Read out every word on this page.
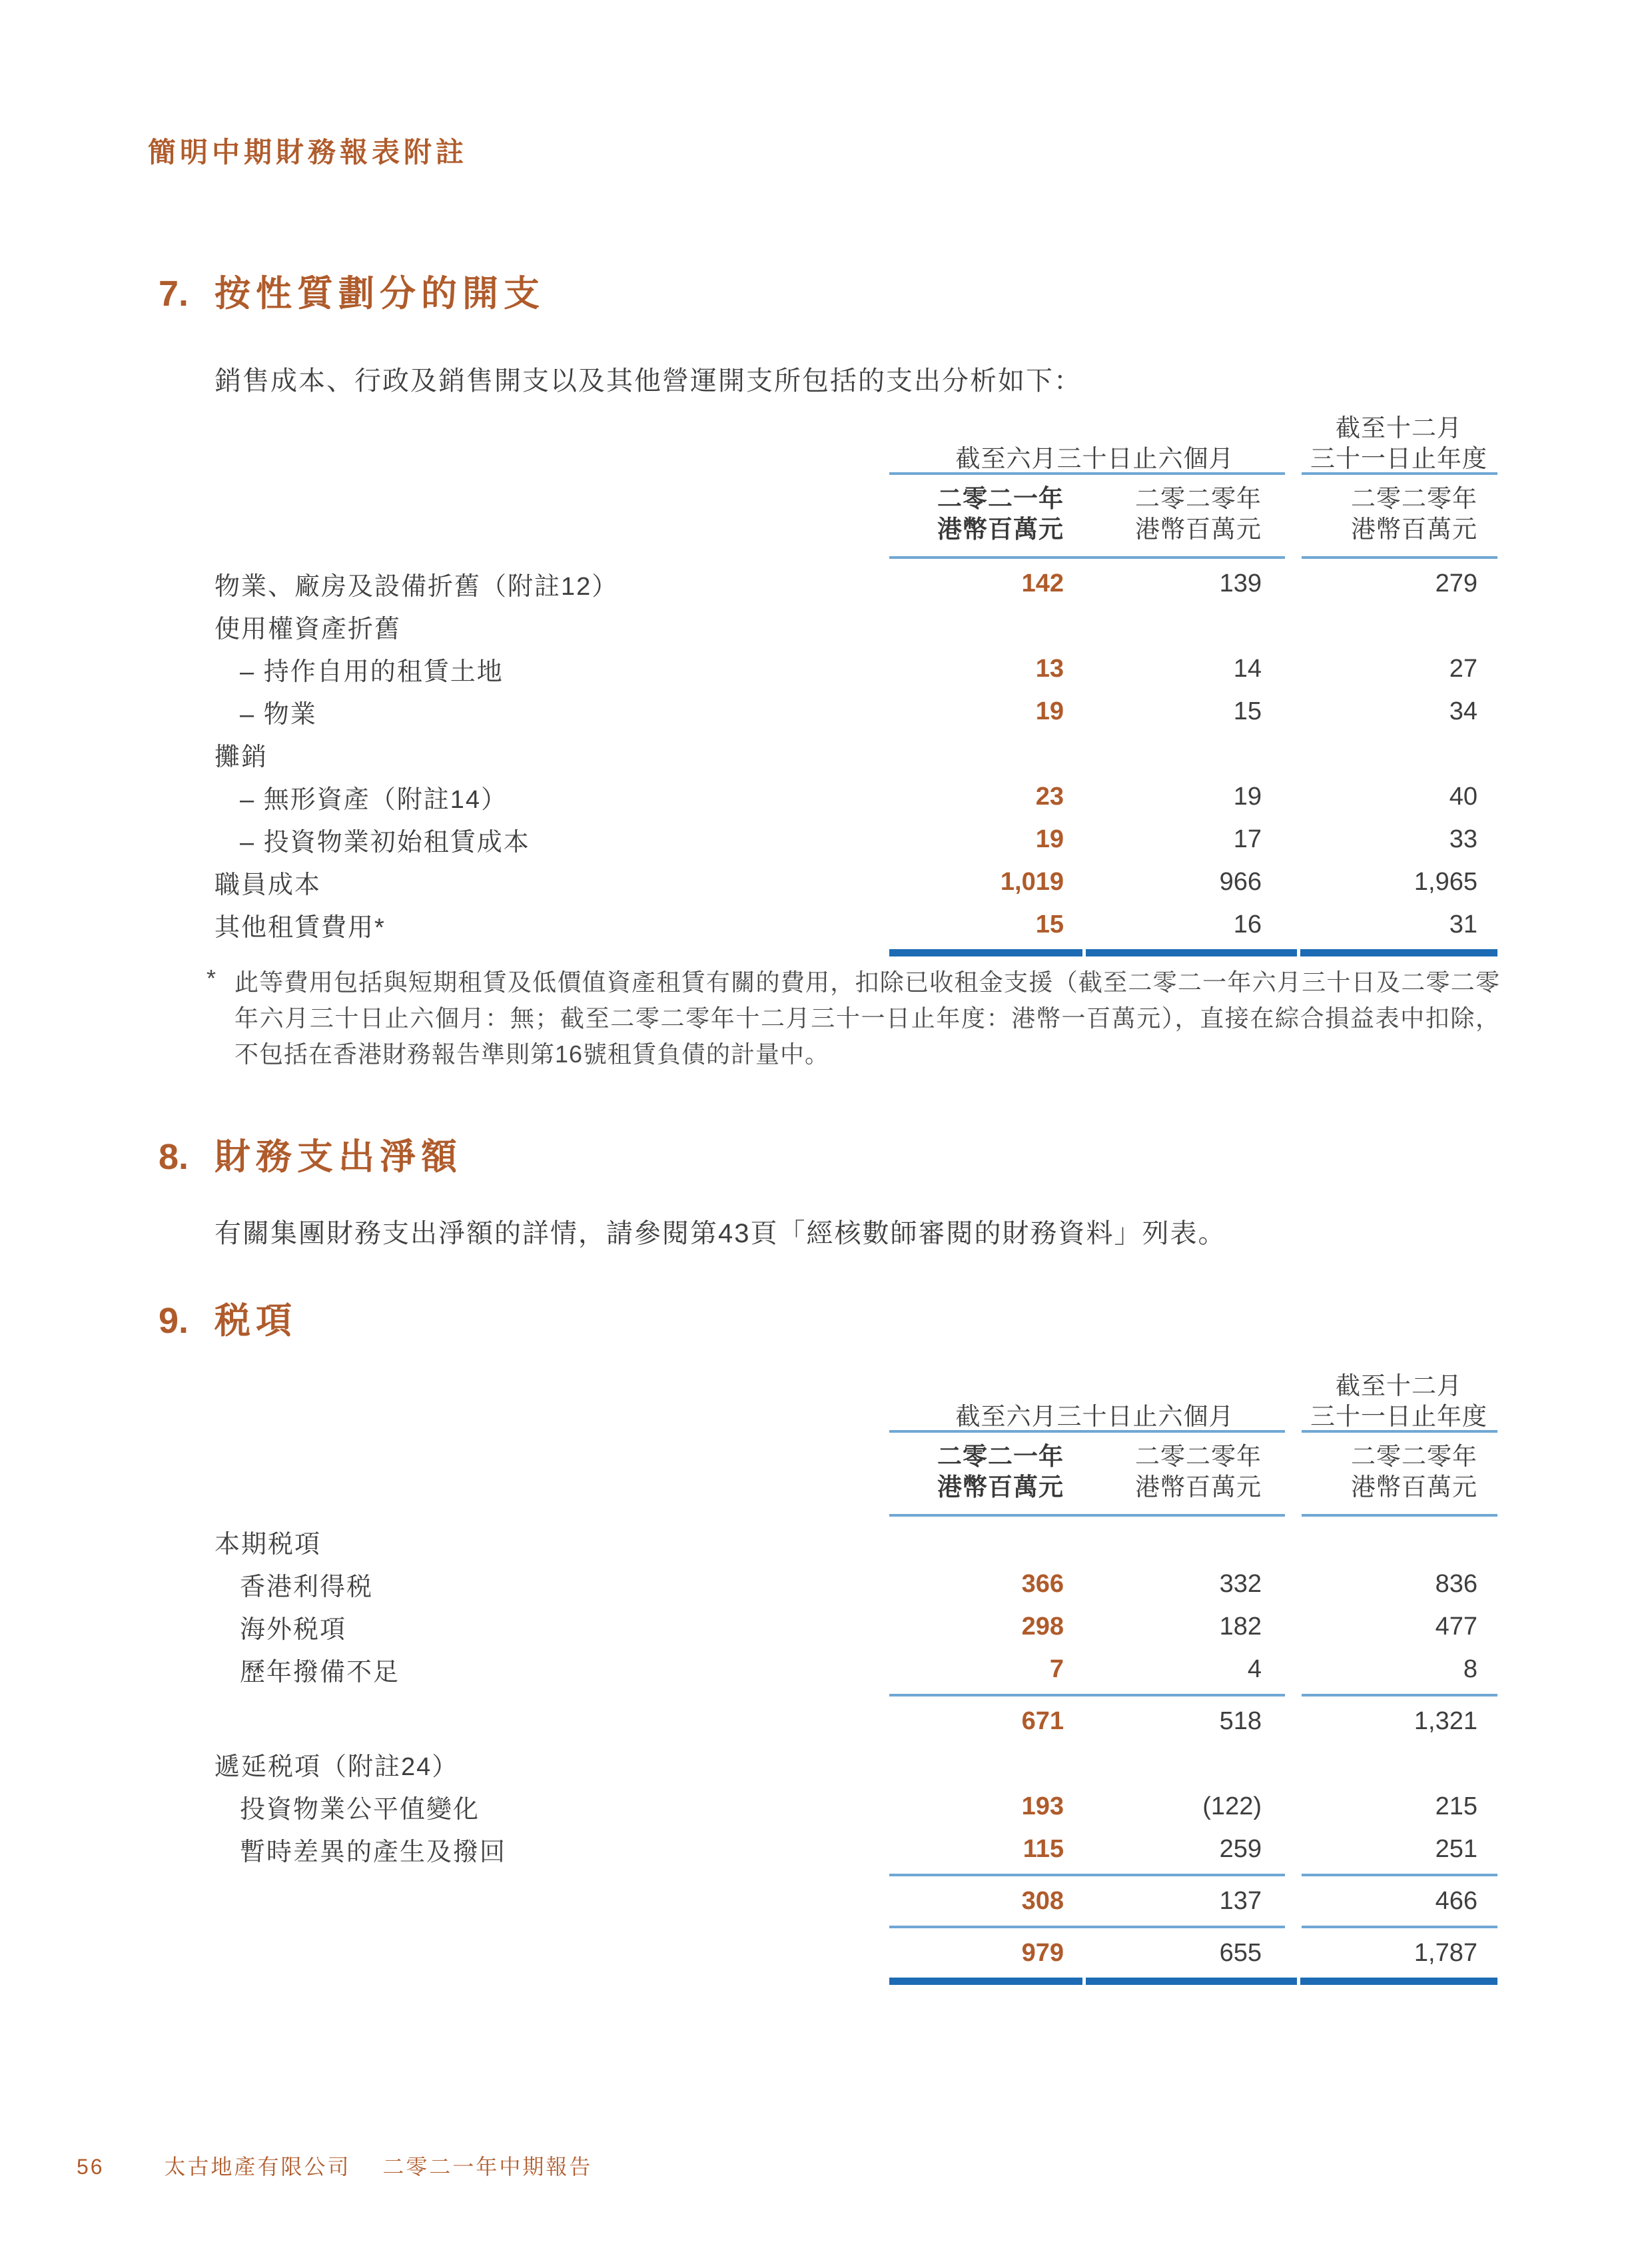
簡明中期財務報表附註
7. 按性質劃分的開支
銷售成本、行政及銷售開支以及其他營運開支所包括的支出分析如下：
截至十二月
截至六月三十日止六個月	三十一日止年度
二零二一年
港幣百萬元
二零二零年
港幣百萬元
二零二零年
港幣百萬元
物業、廠房及設備折舊（附註12）	142	139	279
使用權資產折舊
– 持作自用的租賃土地	13	14	27
– 物業	19	15	34
攤銷
– 無形資產（附註14）	23	19	40
– 投資物業初始租賃成本	19	17	33
職員成本	1,019	966	1,965
其他租賃費用*	15	16	31
* 此等費用包括與短期租賃及低價值資產租賃有關的費用，扣除已收租金支援（截至二零二一年六月三十日及二零二零年六月三十日止六個月：無；截至二零二零年十二月三十一日止年度：港幣一百萬元），直接在綜合損益表中扣除，不包括在香港財務報告準則第16號租賃負債的計量中。
8. 財務支出淨額
有關集團財務支出淨額的詳情，請參閱第43頁「經核數師審閱的財務資料」列表。
9. 税項
截至十二月
截至六月三十日止六個月	三十一日止年度
二零二一年
港幣百萬元
二零二零年
港幣百萬元
二零二零年
港幣百萬元
本期税項
香港利得税	366	332	836
海外税項	298	182	477
歷年撥備不足	7	4	8
671	518	1,321
遞延税項（附註24）
投資物業公平值變化	193	(122)	215
暫時差異的產生及撥回	115	259	251
308	137	466
979	655	1,787
56	太古地產有限公司 二零二一年中期報告
